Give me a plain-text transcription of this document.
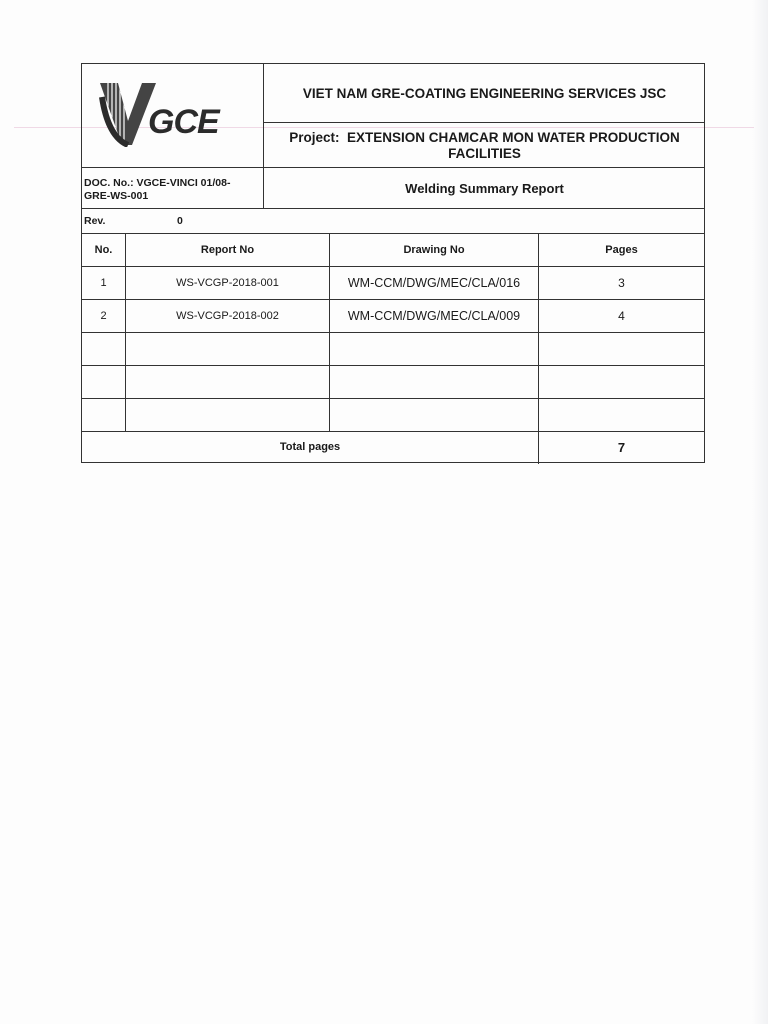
GCE
VIET NAM GRE-COATING ENGINEERING SERVICES JSC
Project: EXTENSION CHAMCAR MON WATER PRODUCTION FACILITIES
DOC. No.: VGCE-VINCI 01/08-GRE-WS-001
Welding Summary Report
Rev.	0
No.	Report No	Drawing No	Pages
1	WS-VCGP-2018-001	WM-CCM/DWG/MEC/CLA/016	3
2	WS-VCGP-2018-002	WM-CCM/DWG/MEC/CLA/009	4
Total pages	7
